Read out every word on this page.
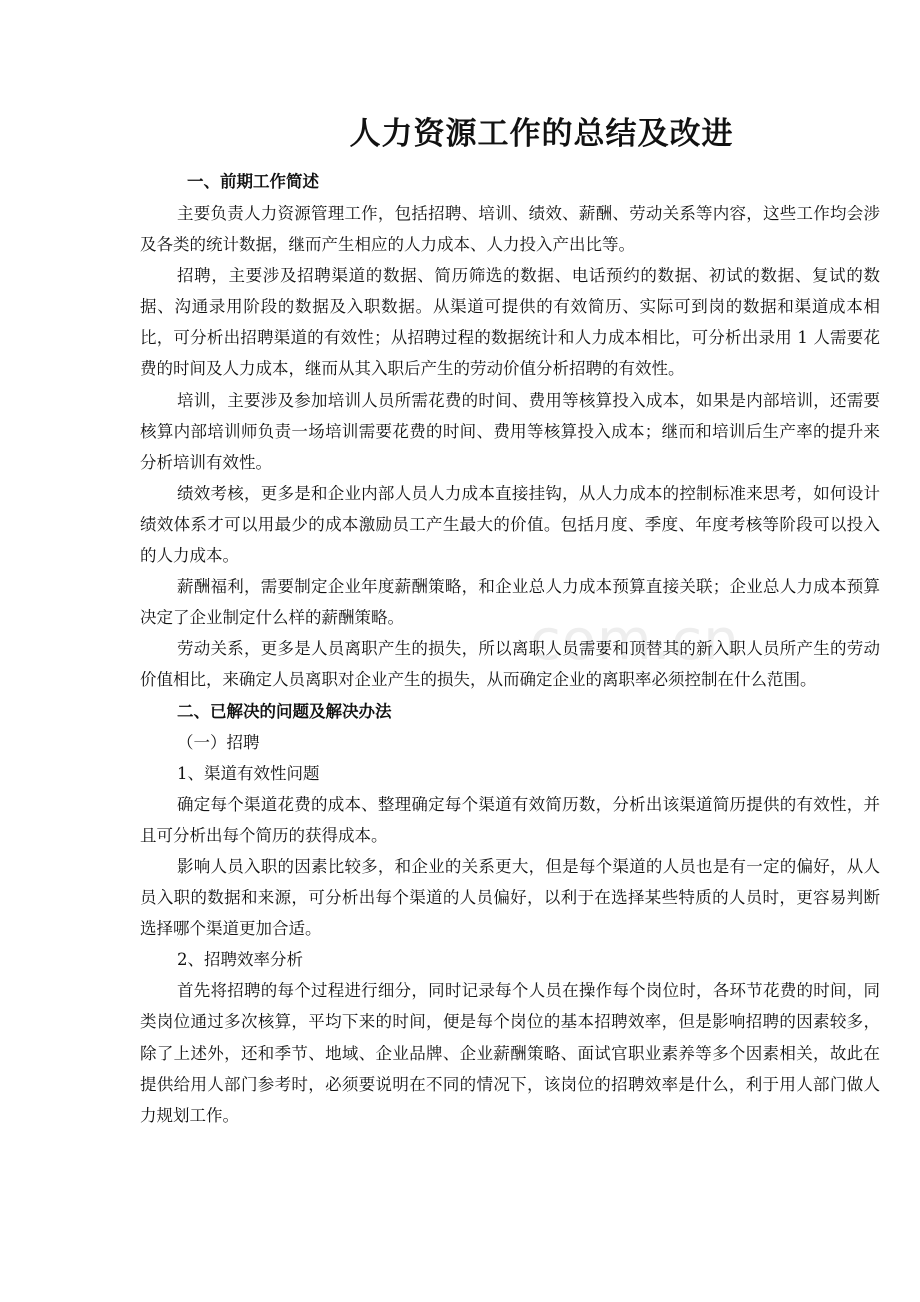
com.cn
人力资源工作的总结及改进

一、前期工作简述

主要负责人力资源管理工作，包括招聘、培训、绩效、薪酬、劳动关系等内容，这些工作均会涉及各类的统计数据，继而产生相应的人力成本、人力投入产出比等。

招聘，主要涉及招聘渠道的数据、简历筛选的数据、电话预约的数据、初试的数据、复试的数据、沟通录用阶段的数据及入职数据。从渠道可提供的有效简历、实际可到岗的数据和渠道成本相比，可分析出招聘渠道的有效性；从招聘过程的数据统计和人力成本相比，可分析出录用 1 人需要花费的时间及人力成本，继而从其入职后产生的劳动价值分析招聘的有效性。

培训，主要涉及参加培训人员所需花费的时间、费用等核算投入成本，如果是内部培训，还需要核算内部培训师负责一场培训需要花费的时间、费用等核算投入成本；继而和培训后生产率的提升来分析培训有效性。

绩效考核，更多是和企业内部人员人力成本直接挂钩，从人力成本的控制标准来思考，如何设计绩效体系才可以用最少的成本激励员工产生最大的价值。包括月度、季度、年度考核等阶段可以投入的人力成本。

薪酬福利，需要制定企业年度薪酬策略，和企业总人力成本预算直接关联；企业总人力成本预算决定了企业制定什么样的薪酬策略。

劳动关系，更多是人员离职产生的损失，所以离职人员需要和顶替其的新入职人员所产生的劳动价值相比，来确定人员离职对企业产生的损失，从而确定企业的离职率必须控制在什么范围。

二、已解决的问题及解决办法

（一）招聘

1、渠道有效性问题

确定每个渠道花费的成本、整理确定每个渠道有效简历数，分析出该渠道简历提供的有效性，并且可分析出每个简历的获得成本。

影响人员入职的因素比较多，和企业的关系更大，但是每个渠道的人员也是有一定的偏好，从人员入职的数据和来源，可分析出每个渠道的人员偏好，以利于在选择某些特质的人员时，更容易判断选择哪个渠道更加合适。

2、招聘效率分析

首先将招聘的每个过程进行细分，同时记录每个人员在操作每个岗位时，各环节花费的时间，同类岗位通过多次核算，平均下来的时间，便是每个岗位的基本招聘效率，但是影响招聘的因素较多，除了上述外，还和季节、地域、企业品牌、企业薪酬策略、面试官职业素养等多个因素相关，故此在提供给用人部门参考时，必须要说明在不同的情况下，该岗位的招聘效率是什么，利于用人部门做人力规划工作。
